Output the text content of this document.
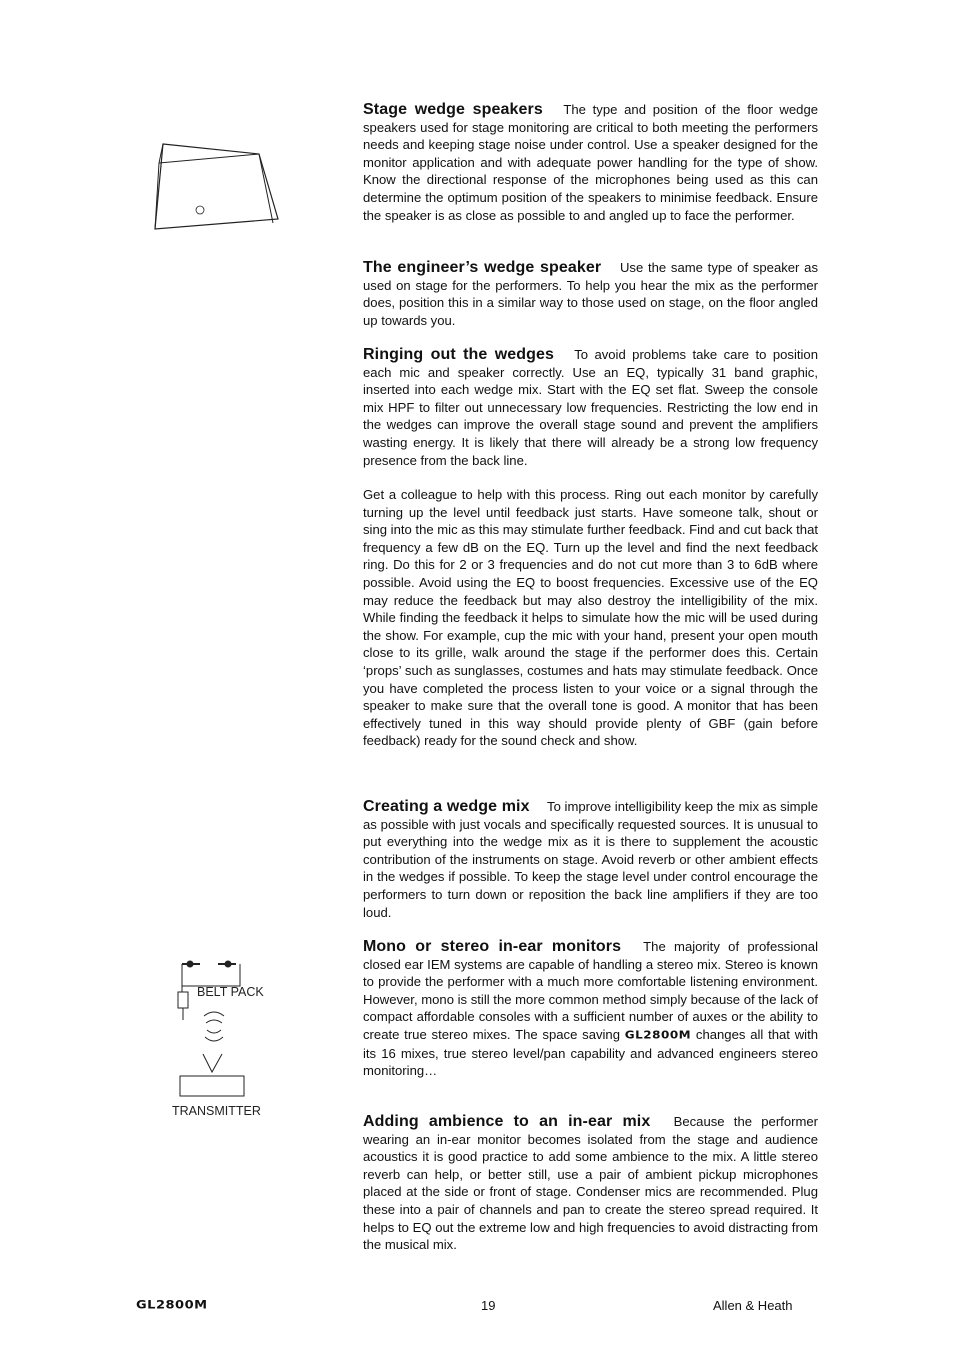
Stage wedge speakers The type and position of the floor wedge speakers used for stage monitoring are critical to both meeting the performers needs and keeping stage noise under control. Use a speaker designed for the monitor application and with adequate power handling for the type of show. Know the directional response of the microphones being used as this can determine the optimum position of the speakers to minimise feedback. Ensure the speaker is as close as possible to and angled up to face the performer.

The engineer’s wedge speaker Use the same type of speaker as used on stage for the performers. To help you hear the mix as the performer does, position this in a similar way to those used on stage, on the floor angled up towards you.

Ringing out the wedges To avoid problems take care to position each mic and speaker correctly. Use an EQ, typically 31 band graphic, inserted into each wedge mix. Start with the EQ set flat. Sweep the console mix HPF to filter out unnecessary low frequencies. Restricting the low end in the wedges can improve the overall stage sound and prevent the amplifiers wasting energy. It is likely that there will already be a strong low frequency presence from the back line.

Get a colleague to help with this process. Ring out each monitor by carefully turning up the level until feedback just starts. Have someone talk, shout or sing into the mic as this may stimulate further feedback. Find and cut back that frequency a few dB on the EQ. Turn up the level and find the next feedback ring. Do this for 2 or 3 frequencies and do not cut more than 3 to 6dB where possible. Avoid using the EQ to boost frequencies. Excessive use of the EQ may reduce the feedback but may also destroy the intelligibility of the mix. While finding the feedback it helps to simulate how the mic will be used during the show. For example, cup the mic with your hand, present your open mouth close to its grille, walk around the stage if the performer does this. Certain ‘props’ such as sunglasses, costumes and hats may stimulate feedback. Once you have completed the process listen to your voice or a signal through the speaker to make sure that the overall tone is good. A monitor that has been effectively tuned in this way should provide plenty of GBF (gain before feedback) ready for the sound check and show.

Creating a wedge mix To improve intelligibility keep the mix as simple as possible with just vocals and specifically requested sources. It is unusual to put everything into the wedge mix as it is there to supplement the acoustic contribution of the instruments on stage. Avoid reverb or other ambient effects in the wedges if possible. To keep the stage level under control encourage the performers to turn down or reposition the back line amplifiers if they are too loud.

BELT PACK
TRANSMITTER

Mono or stereo in-ear monitors The majority of professional closed ear IEM systems are capable of handling a stereo mix. Stereo is known to provide the performer with a much more comfortable listening environment. However, mono is still the more common method simply because of the lack of compact affordable consoles with a sufficient number of auxes or the ability to create true stereo mixes. The space saving GL2800M changes all that with its 16 mixes, true stereo level/pan capability and advanced engineers stereo monitoring…

Adding ambience to an in-ear mix Because the performer wearing an in-ear monitor becomes isolated from the stage and audience acoustics it is good practice to add some ambience to the mix. A little stereo reverb can help, or better still, use a pair of ambient pickup microphones placed at the side or front of stage. Condenser mics are recommended. Plug these into a pair of channels and pan to create the stereo spread required. It helps to EQ out the extreme low and high frequencies to avoid distracting from the musical mix.

GL2800M	19	Allen & Heath
